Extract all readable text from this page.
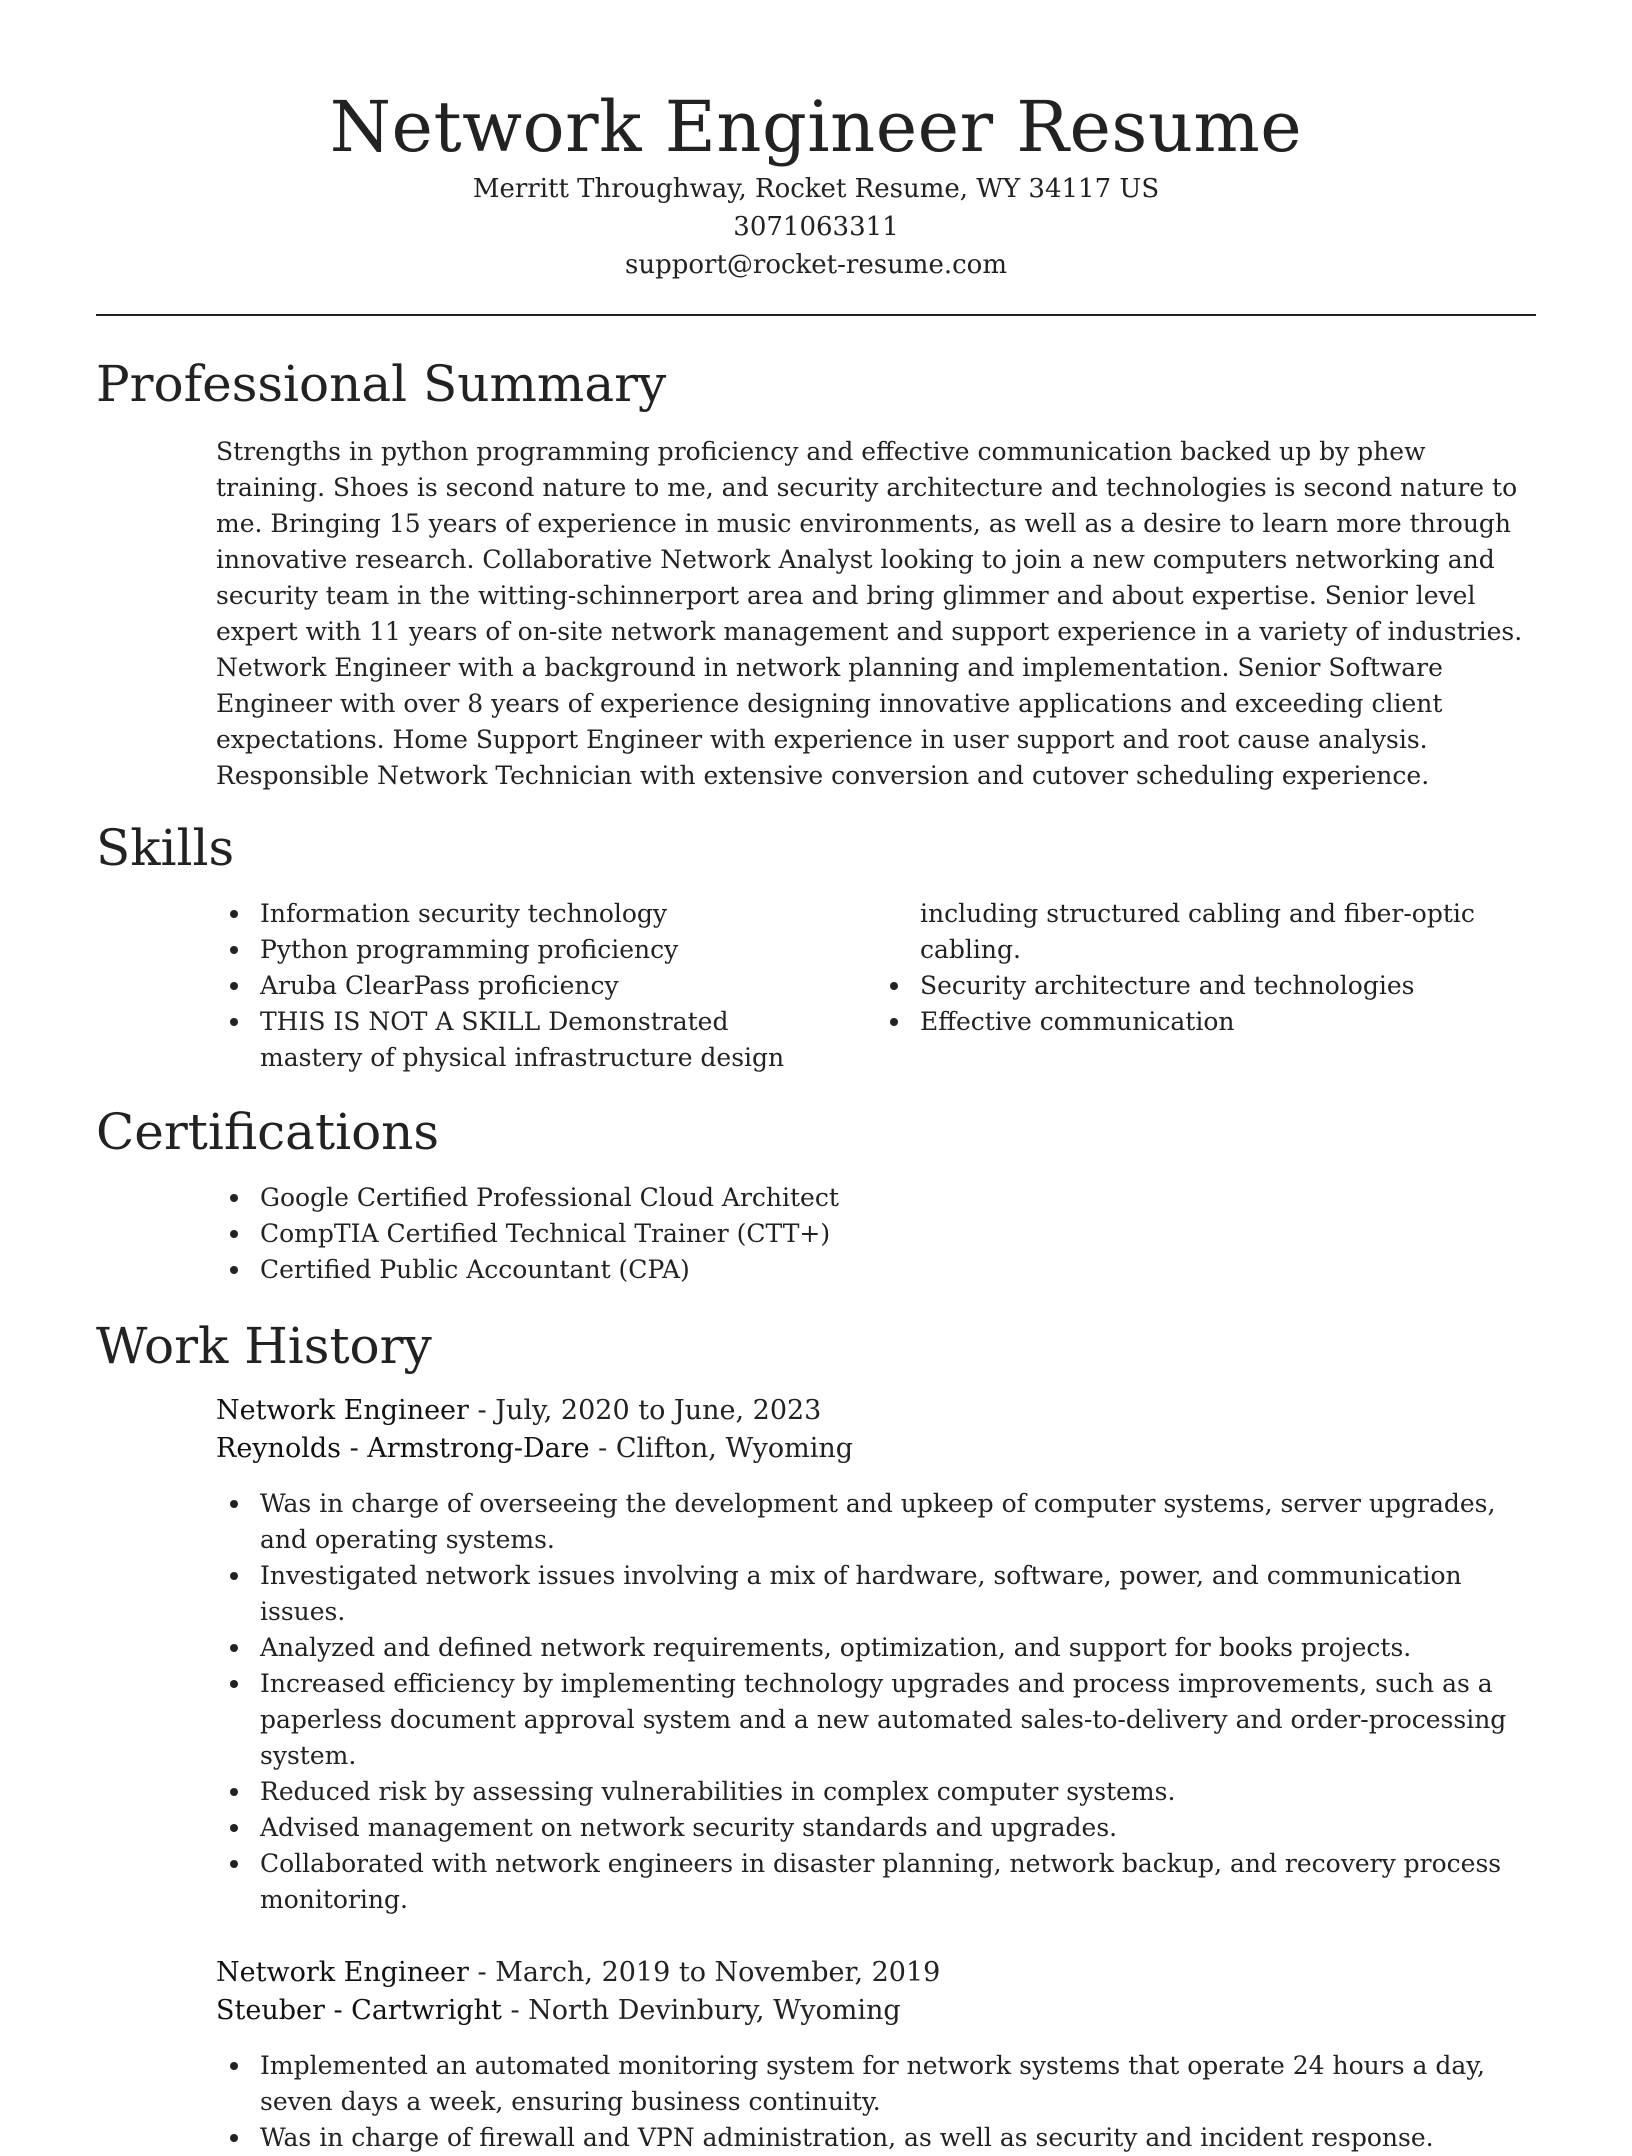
Network Engineer Resume
Merritt Throughway, Rocket Resume, WY 34117 US
3071063311
support@rocket-resume.com
Professional Summary

Strengths in python programming proficiency and effective communication backed up by phew training. Shoes is second nature to me, and security architecture and technologies is second nature to me. Bringing 15 years of experience in music environments, as well as a desire to learn more through innovative research. Collaborative Network Analyst looking to join a new computers networking and security team in the witting-schinnerport area and bring glimmer and about expertise. Senior level expert with 11 years of on-site network management and support experience in a variety of industries. Network Engineer with a background in network planning and implementation. Senior Software Engineer with over 8 years of experience designing innovative applications and exceeding client expectations. Home Support Engineer with experience in user support and root cause analysis. Responsible Network Technician with extensive conversion and cutover scheduling experience.

Skills
Information security technology
Python programming proficiency
Aruba ClearPass proficiency
THIS IS NOT A SKILL Demonstrated mastery of physical infrastructure design including structured cabling and fiber-optic cabling.
Security architecture and technologies
Effective communication
Certifications
Google Certified Professional Cloud Architect
CompTIA Certified Technical Trainer (CTT+)
Certified Public Accountant (CPA)
Work History
Network Engineer - July, 2020 to June, 2023
Reynolds - Armstrong-Dare - Clifton, Wyoming
Was in charge of overseeing the development and upkeep of computer systems, server upgrades, and operating systems.
Investigated network issues involving a mix of hardware, software, power, and communication issues.
Analyzed and defined network requirements, optimization, and support for books projects.
Increased efficiency by implementing technology upgrades and process improvements, such as a paperless document approval system and a new automated sales-to-delivery and order-processing system.
Reduced risk by assessing vulnerabilities in complex computer systems.
Advised management on network security standards and upgrades.
Collaborated with network engineers in disaster planning, network backup, and recovery process monitoring.
Network Engineer - March, 2019 to November, 2019
Steuber - Cartwright - North Devinbury, Wyoming
Implemented an automated monitoring system for network systems that operate 24 hours a day, seven days a week, ensuring business continuity.
Was in charge of firewall and VPN administration, as well as security and incident response.
